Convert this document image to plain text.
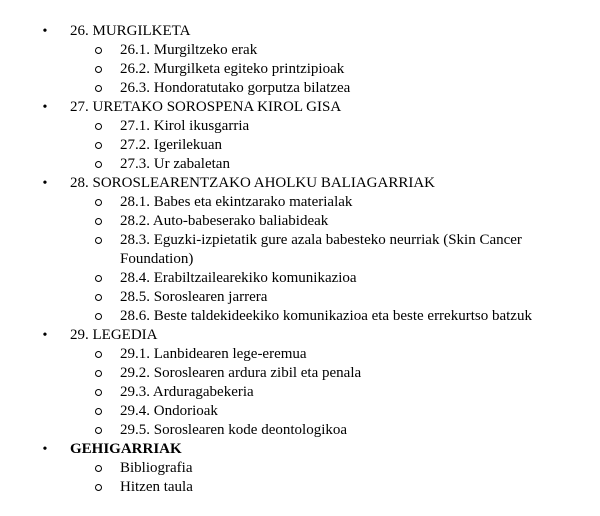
• 26. MURGILKETA
26.1. Murgiltzeko erak
26.2. Murgilketa egiteko printzipioak
26.3. Hondoratutako gorputza bilatzea
• 27. URETAKO SOROSPENA KIROL GISA
27.1. Kirol ikusgarria
27.2. Igerilekuan
27.3. Ur zabaletan
• 28. SOROSLEARENTZAKO AHOLKU BALIAGARRIAK
28.1. Babes eta ekintzarako materialak
28.2. Auto-babeserako baliabideak
28.3. Eguzki-izpietatik gure azala babesteko neurriak (Skin Cancer Foundation)
28.4. Erabiltzailearekiko komunikazioa
28.5. Soroslearen jarrera
28.6. Beste taldekideekiko komunikazioa eta beste errekurtso batzuk
• 29. LEGEDIA
29.1. Lanbidearen lege-eremua
29.2. Soroslearen ardura zibil eta penala
29.3. Arduragabekeria
29.4. Ondorioak
29.5. Soroslearen kode deontologikoa
• GEHIGARRIAK
Bibliografia
Hitzen taula
